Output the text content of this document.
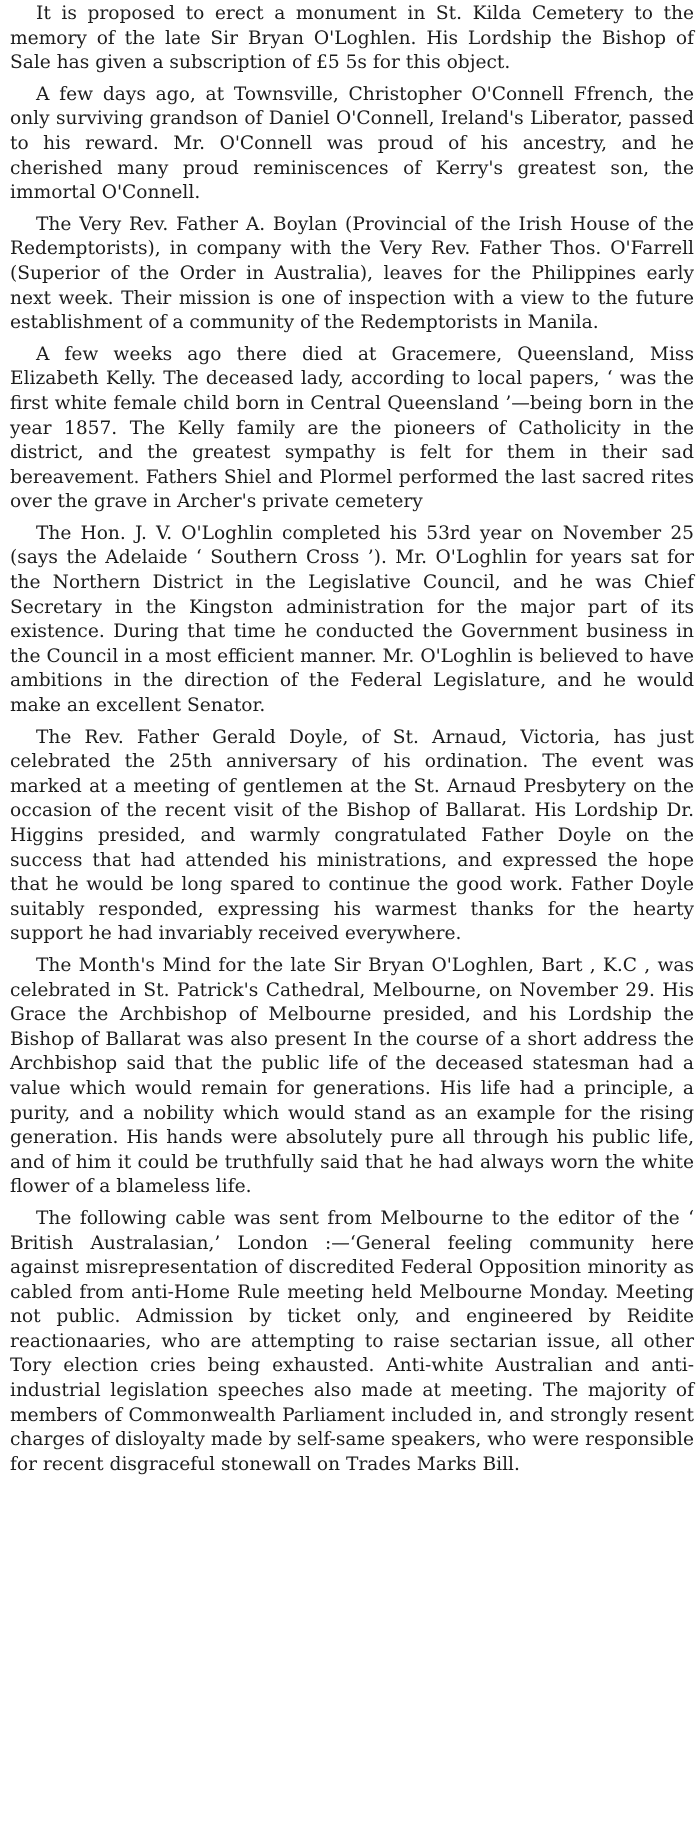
It is proposed to erect a monument in St. Kilda Cemetery to the memory of the late Sir Bryan O'Loghlen. His Lordship the Bishop of Sale has given a subscription of £5 5s for this object.

A few days ago, at Townsville, Christopher O'Connell Ffrench, the only surviving grandson of Daniel O'Connell, Ireland's Liberator, passed to his reward. Mr. O'Connell was proud of his ancestry, and he cherished many proud reminiscences of Kerry's greatest son, the immortal O'Connell.

The Very Rev. Father A. Boylan (Provincial of the Irish House of the Redemptorists), in company with the Very Rev. Father Thos. O'Farrell (Superior of the Order in Australia), leaves for the Philippines early next week. Their mission is one of inspection with a view to the future establishment of a community of the Redemptorists in Manila.

A few weeks ago there died at Gracemere, Queensland, Miss Elizabeth Kelly. The deceased lady, according to local papers, ‘ was the first white female child born in Central Queensland ’—being born in the year 1857. The Kelly family are the pioneers of Catholicity in the district, and the greatest sympathy is felt for them in their sad bereavement. Fathers Shiel and Plormel performed the last sacred rites over the grave in Archer's private cemetery

The Hon. J. V. O'Loghlin completed his 53rd year on November 25 (says the Adelaide ‘ Southern Cross ’). Mr. O'Loghlin for years sat for the Northern District in the Legislative Council, and he was Chief Secretary in the Kingston administration for the major part of its existence. During that time he conducted the Government business in the Council in a most efficient manner. Mr. O'Loghlin is believed to have ambitions in the direction of the Federal Legislature, and he would make an excellent Senator.

The Rev. Father Gerald Doyle, of St. Arnaud, Victoria, has just celebrated the 25th anniversary of his ordination. The event was marked at a meeting of gentlemen at the St. Arnaud Presbytery on the occasion of the recent visit of the Bishop of Ballarat. His Lordship Dr. Higgins presided, and warmly congratulated Father Doyle on the success that had attended his ministrations, and expressed the hope that he would be long spared to continue the good work. Father Doyle suitably responded, expressing his warmest thanks for the hearty support he had invariably received everywhere.

The Month's Mind for the late Sir Bryan O'Loghlen, Bart , K.C , was celebrated in St. Patrick's Cathedral, Melbourne, on November 29. His Grace the Archbishop of Melbourne presided, and his Lordship the Bishop of Ballarat was also present In the course of a short address the Archbishop said that the public life of the deceased statesman had a value which would remain for generations. His life had a principle, a purity, and a nobility which would stand as an example for the rising generation. His hands were absolutely pure all through his public life, and of him it could be truthfully said that he had always worn the white flower of a blameless life.

The following cable was sent from Melbourne to the editor of the ‘ British Australasian,’ London :—‘General feeling community here against misrepresentation of discredited Federal Opposition minority as cabled from anti-Home Rule meeting held Melbourne Monday. Meeting not public. Admission by ticket only, and engineered by Reidite reactionaaries, who are attempting to raise sectarian issue, all other Tory election cries being exhausted. Anti-white Australian and anti-industrial legislation speeches also made at meeting. The majority of members of Commonwealth Parliament included in, and strongly resent charges of disloyalty made by self-same speakers, who were responsible for recent disgraceful stonewall on Trades Marks Bill.
